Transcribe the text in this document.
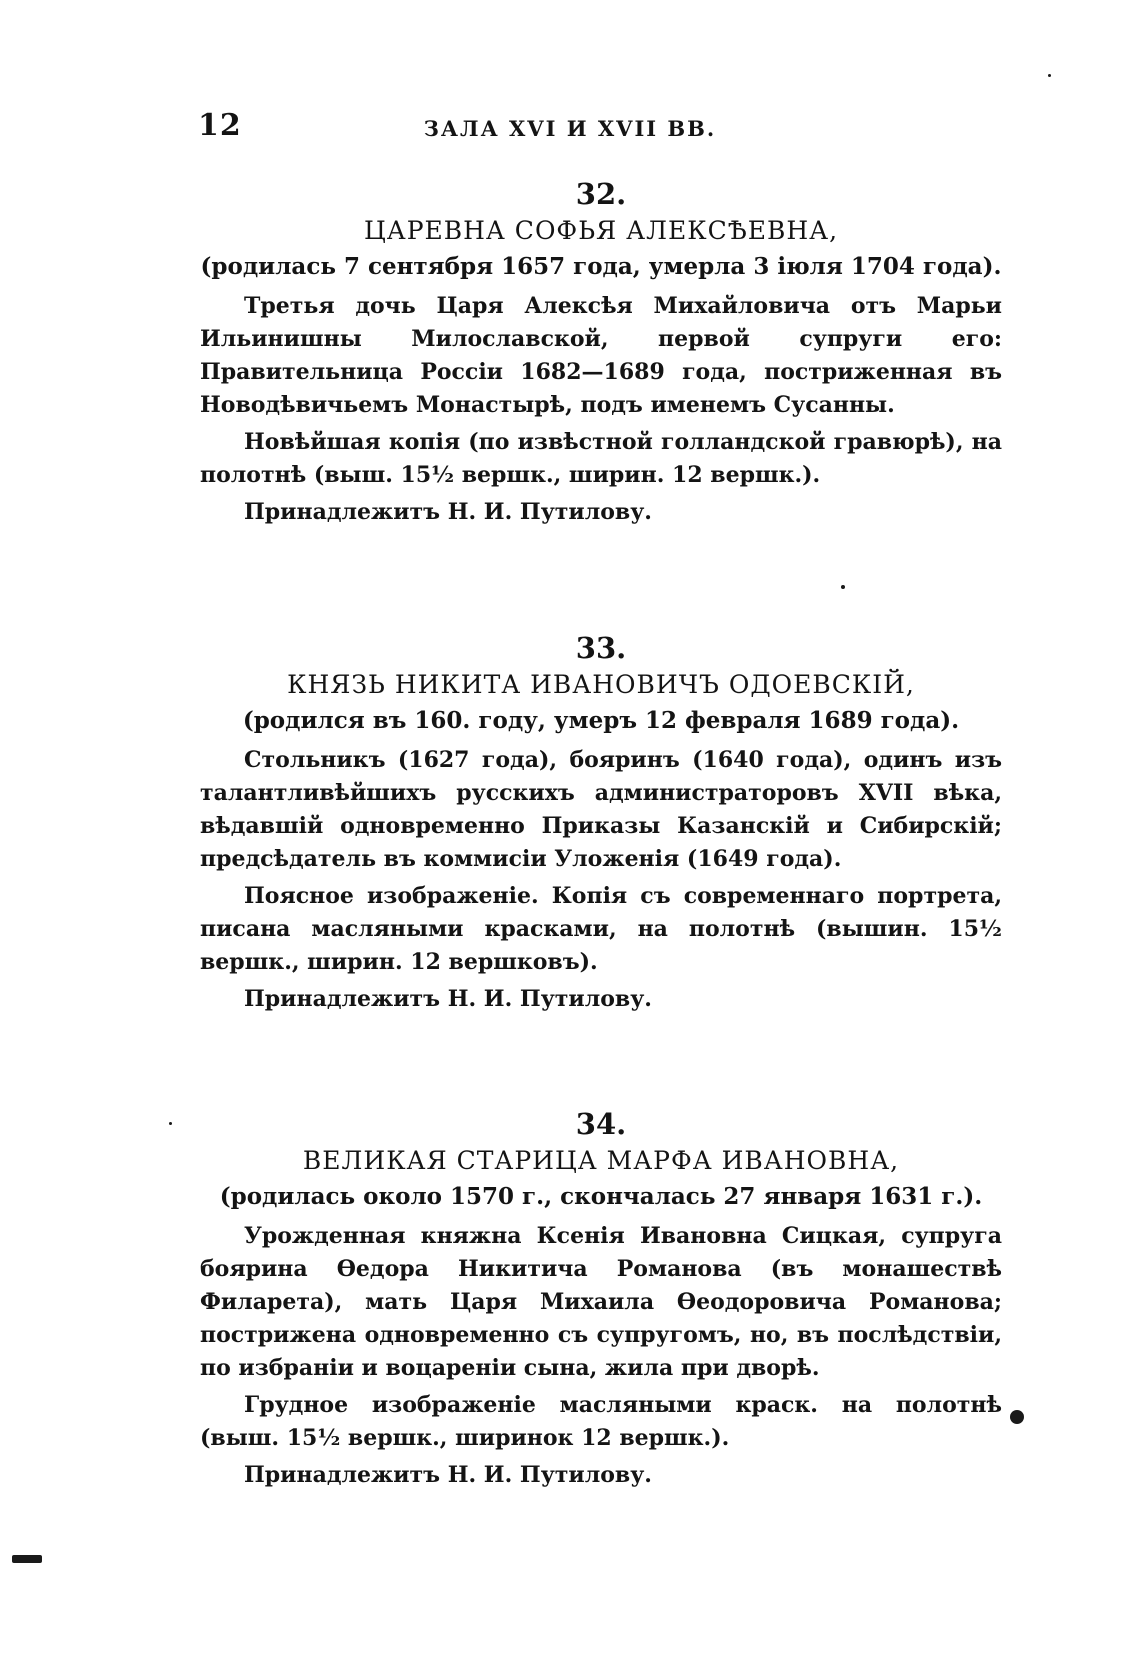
12	ЗАЛА XVI И XVII ВВ.
32.
ЦАРЕВНА СОФЬЯ АЛЕКСѢЕВНА,
(родилась 7 сентября 1657 года, умерла 3 іюля 1704 года).

Третья дочь Царя Алексѣя Михайловича отъ Марьи Ильинишны Милославской, первой супруги его: Правительница Россіи 1682—1689 года, постриженная въ Новодѣвичьемъ Монастырѣ, подъ именемъ Сусанны.

Новѣйшая копія (по извѣстной голландской гравюрѣ), на полотнѣ (выш. 15½ вершк., ширин. 12 вершк.).

Принадлежитъ Н. И. Путилову.

33.
КНЯЗЬ НИКИТА ИВАНОВИЧЪ ОДОЕВСКІЙ,
(родился въ 160. году, умеръ 12 февраля 1689 года).

Стольникъ (1627 года), бояринъ (1640 года), одинъ изъ талантливѣйшихъ русскихъ администраторовъ XVII вѣка, вѣдавшій одновременно Приказы Казанскій и Сибирскій; предсѣдатель въ коммисіи Уложенія (1649 года).

Поясное изображеніе. Копія съ современнаго портрета, писана масляными красками, на полотнѣ (вышин. 15½ вершк., ширин. 12 вершковъ).

Принадлежитъ Н. И. Путилову.

34.
ВЕЛИКАЯ СТАРИЦА МАРФА ИВАНОВНА,
(родилась около 1570 г., скончалась 27 января 1631 г.).

Урожденная княжна Ксенія Ивановна Сицкая, супруга боярина Ѳедора Никитича Романова (въ монашествѣ Филарета), мать Царя Михаила Ѳеодоровича Романова; пострижена одновременно съ супругомъ, но, въ послѣдствіи, по избраніи и воцареніи сына, жила при дворѣ.

Грудное изображеніе масляными краск. на полотнѣ (выш. 15½ вершк., ширинок 12 вершк.).

Принадлежитъ Н. И. Путилову.
